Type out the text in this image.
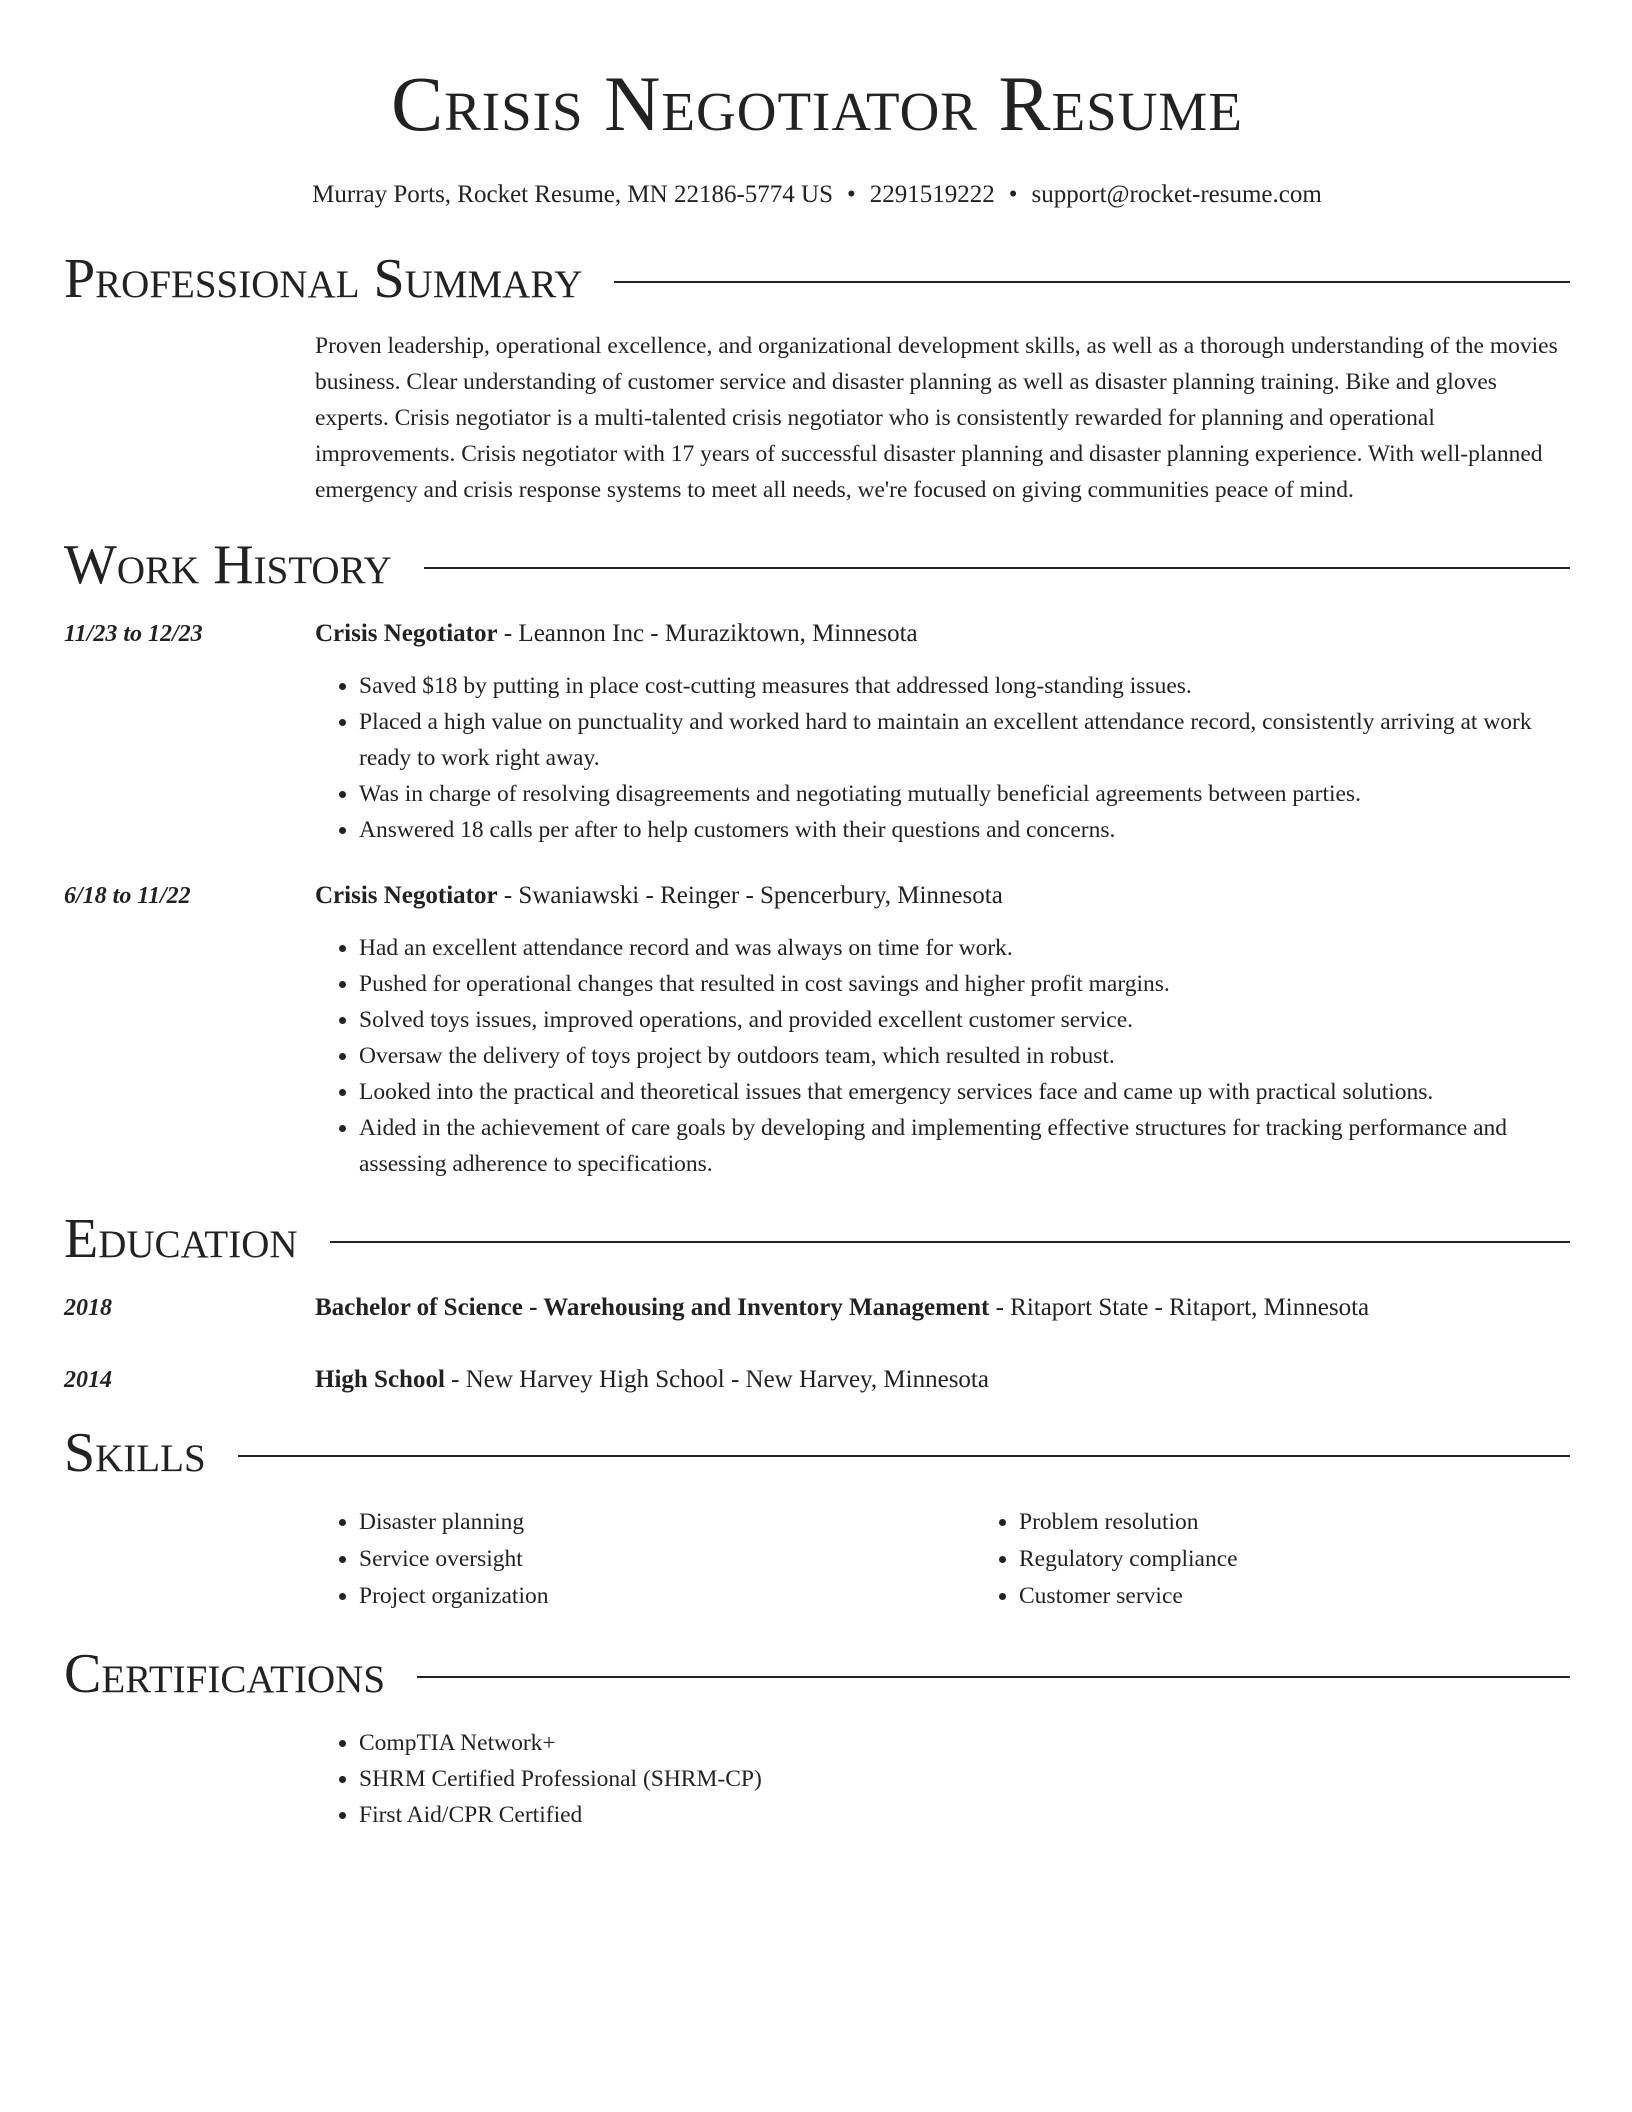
Crisis Negotiator Resume
Murray Ports, Rocket Resume, MN 22186-5774 US • 2291519222 • support@rocket-resume.com
Professional Summary
Proven leadership, operational excellence, and organizational development skills, as well as a thorough understanding of the movies business. Clear understanding of customer service and disaster planning as well as disaster planning training. Bike and gloves experts. Crisis negotiator is a multi-talented crisis negotiator who is consistently rewarded for planning and operational improvements. Crisis negotiator with 17 years of successful disaster planning and disaster planning experience. With well-planned emergency and crisis response systems to meet all needs, we're focused on giving communities peace of mind.
Work History
11/23 to 12/23	Crisis Negotiator - Leannon Inc - Muraziktown, Minnesota
• Saved $18 by putting in place cost-cutting measures that addressed long-standing issues.
• Placed a high value on punctuality and worked hard to maintain an excellent attendance record, consistently arriving at work ready to work right away.
• Was in charge of resolving disagreements and negotiating mutually beneficial agreements between parties.
• Answered 18 calls per after to help customers with their questions and concerns.
6/18 to 11/22	Crisis Negotiator - Swaniawski - Reinger - Spencerbury, Minnesota
• Had an excellent attendance record and was always on time for work.
• Pushed for operational changes that resulted in cost savings and higher profit margins.
• Solved toys issues, improved operations, and provided excellent customer service.
• Oversaw the delivery of toys project by outdoors team, which resulted in robust.
• Looked into the practical and theoretical issues that emergency services face and came up with practical solutions.
• Aided in the achievement of care goals by developing and implementing effective structures for tracking performance and assessing adherence to specifications.
Education
2018	Bachelor of Science - Warehousing and Inventory Management - Ritaport State - Ritaport, Minnesota
2014	High School - New Harvey High School - New Harvey, Minnesota
Skills
• Disaster planning
• Service oversight
• Project organization
• Problem resolution
• Regulatory compliance
• Customer service
Certifications
• CompTIA Network+
• SHRM Certified Professional (SHRM-CP)
• First Aid/CPR Certified
